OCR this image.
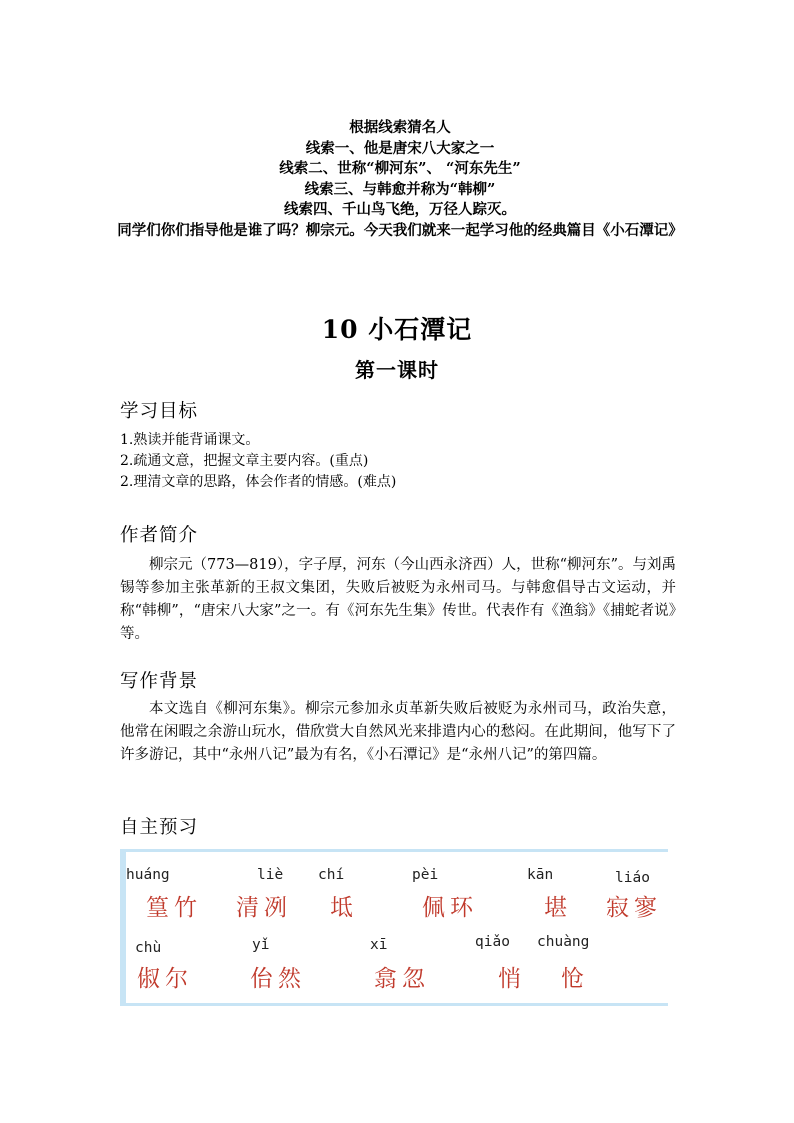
根据线索猜名人
线索一、他是唐宋八大家之一
线索二、世称“柳河东”、 “河东先生”
线索三、与韩愈并称为“韩柳”
线索四、千山鸟飞绝，万径人踪灭。
同学们你们指导他是谁了吗？柳宗元。今天我们就来一起学习他的经典篇目《小石潭记》
10 小石潭记
第一课时
学习目标
1.熟读并能背诵课文。
2.疏通文意，把握文章主要内容。(重点)
2.理清文章的思路，体会作者的情感。(难点)
作者简介
柳宗元（773—819），字子厚，河东（今山西永济西）人，世称“柳河东”。与刘禹锡等参加主张革新的王叔文集团，失败后被贬为永州司马。与韩愈倡导古文运动，并称“韩柳”，“唐宋八大家”之一。有《河东先生集》传世。代表作有《渔翁》《捕蛇者说》等。
写作背景
本文选自《柳河东集》。柳宗元参加永贞革新失败后被贬为永州司马，政治失意，他常在闲暇之余游山玩水，借欣赏大自然风光来排遣内心的愁闷。在此期间，他写下了许多游记，其中“永州八记”最为有名，《小石潭记》是“永州八记”的第四篇。
自主预习
huáng
篁竹
liè
清冽
chí
坻
pèi
佩环
kān
堪
liáo
寂寥
chù
俶尔
yǐ
佁然
xī
翕忽
qiǎo
悄
chuàng
怆
